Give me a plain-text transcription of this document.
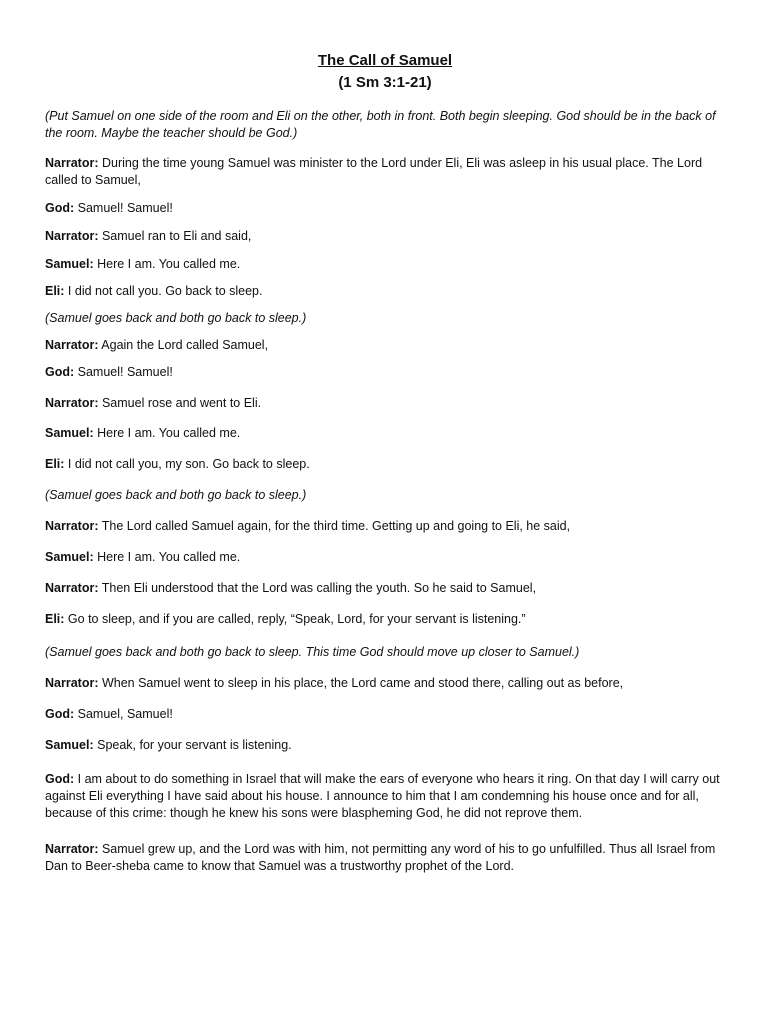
The Call of Samuel
(1 Sm 3:1-21)

(Put Samuel on one side of the room and Eli on the other, both in front. Both begin sleeping. God should be in the back of the room. Maybe the teacher should be God.)

Narrator: During the time young Samuel was minister to the Lord under Eli, Eli was asleep in his usual place. The Lord called to Samuel,

God: Samuel! Samuel!

Narrator: Samuel ran to Eli and said,

Samuel: Here I am. You called me.

Eli: I did not call you. Go back to sleep.

(Samuel goes back and both go back to sleep.)

Narrator: Again the Lord called Samuel,

God: Samuel! Samuel!

Narrator: Samuel rose and went to Eli.

Samuel: Here I am. You called me.

Eli: I did not call you, my son. Go back to sleep.

(Samuel goes back and both go back to sleep.)

Narrator: The Lord called Samuel again, for the third time. Getting up and going to Eli, he said,

Samuel: Here I am. You called me.

Narrator: Then Eli understood that the Lord was calling the youth. So he said to Samuel,

Eli: Go to sleep, and if you are called, reply, “Speak, Lord, for your servant is listening.”

(Samuel goes back and both go back to sleep. This time God should move up closer to Samuel.)

Narrator: When Samuel went to sleep in his place, the Lord came and stood there, calling out as before,

God: Samuel, Samuel!

Samuel: Speak, for your servant is listening.

God: I am about to do something in Israel that will make the ears of everyone who hears it ring. On that day I will carry out against Eli everything I have said about his house. I announce to him that I am condemning his house once and for all, because of this crime: though he knew his sons were blaspheming God, he did not reprove them.

Narrator: Samuel grew up, and the Lord was with him, not permitting any word of his to go unfulfilled. Thus all Israel from Dan to Beer-sheba came to know that Samuel was a trustworthy prophet of the Lord.
